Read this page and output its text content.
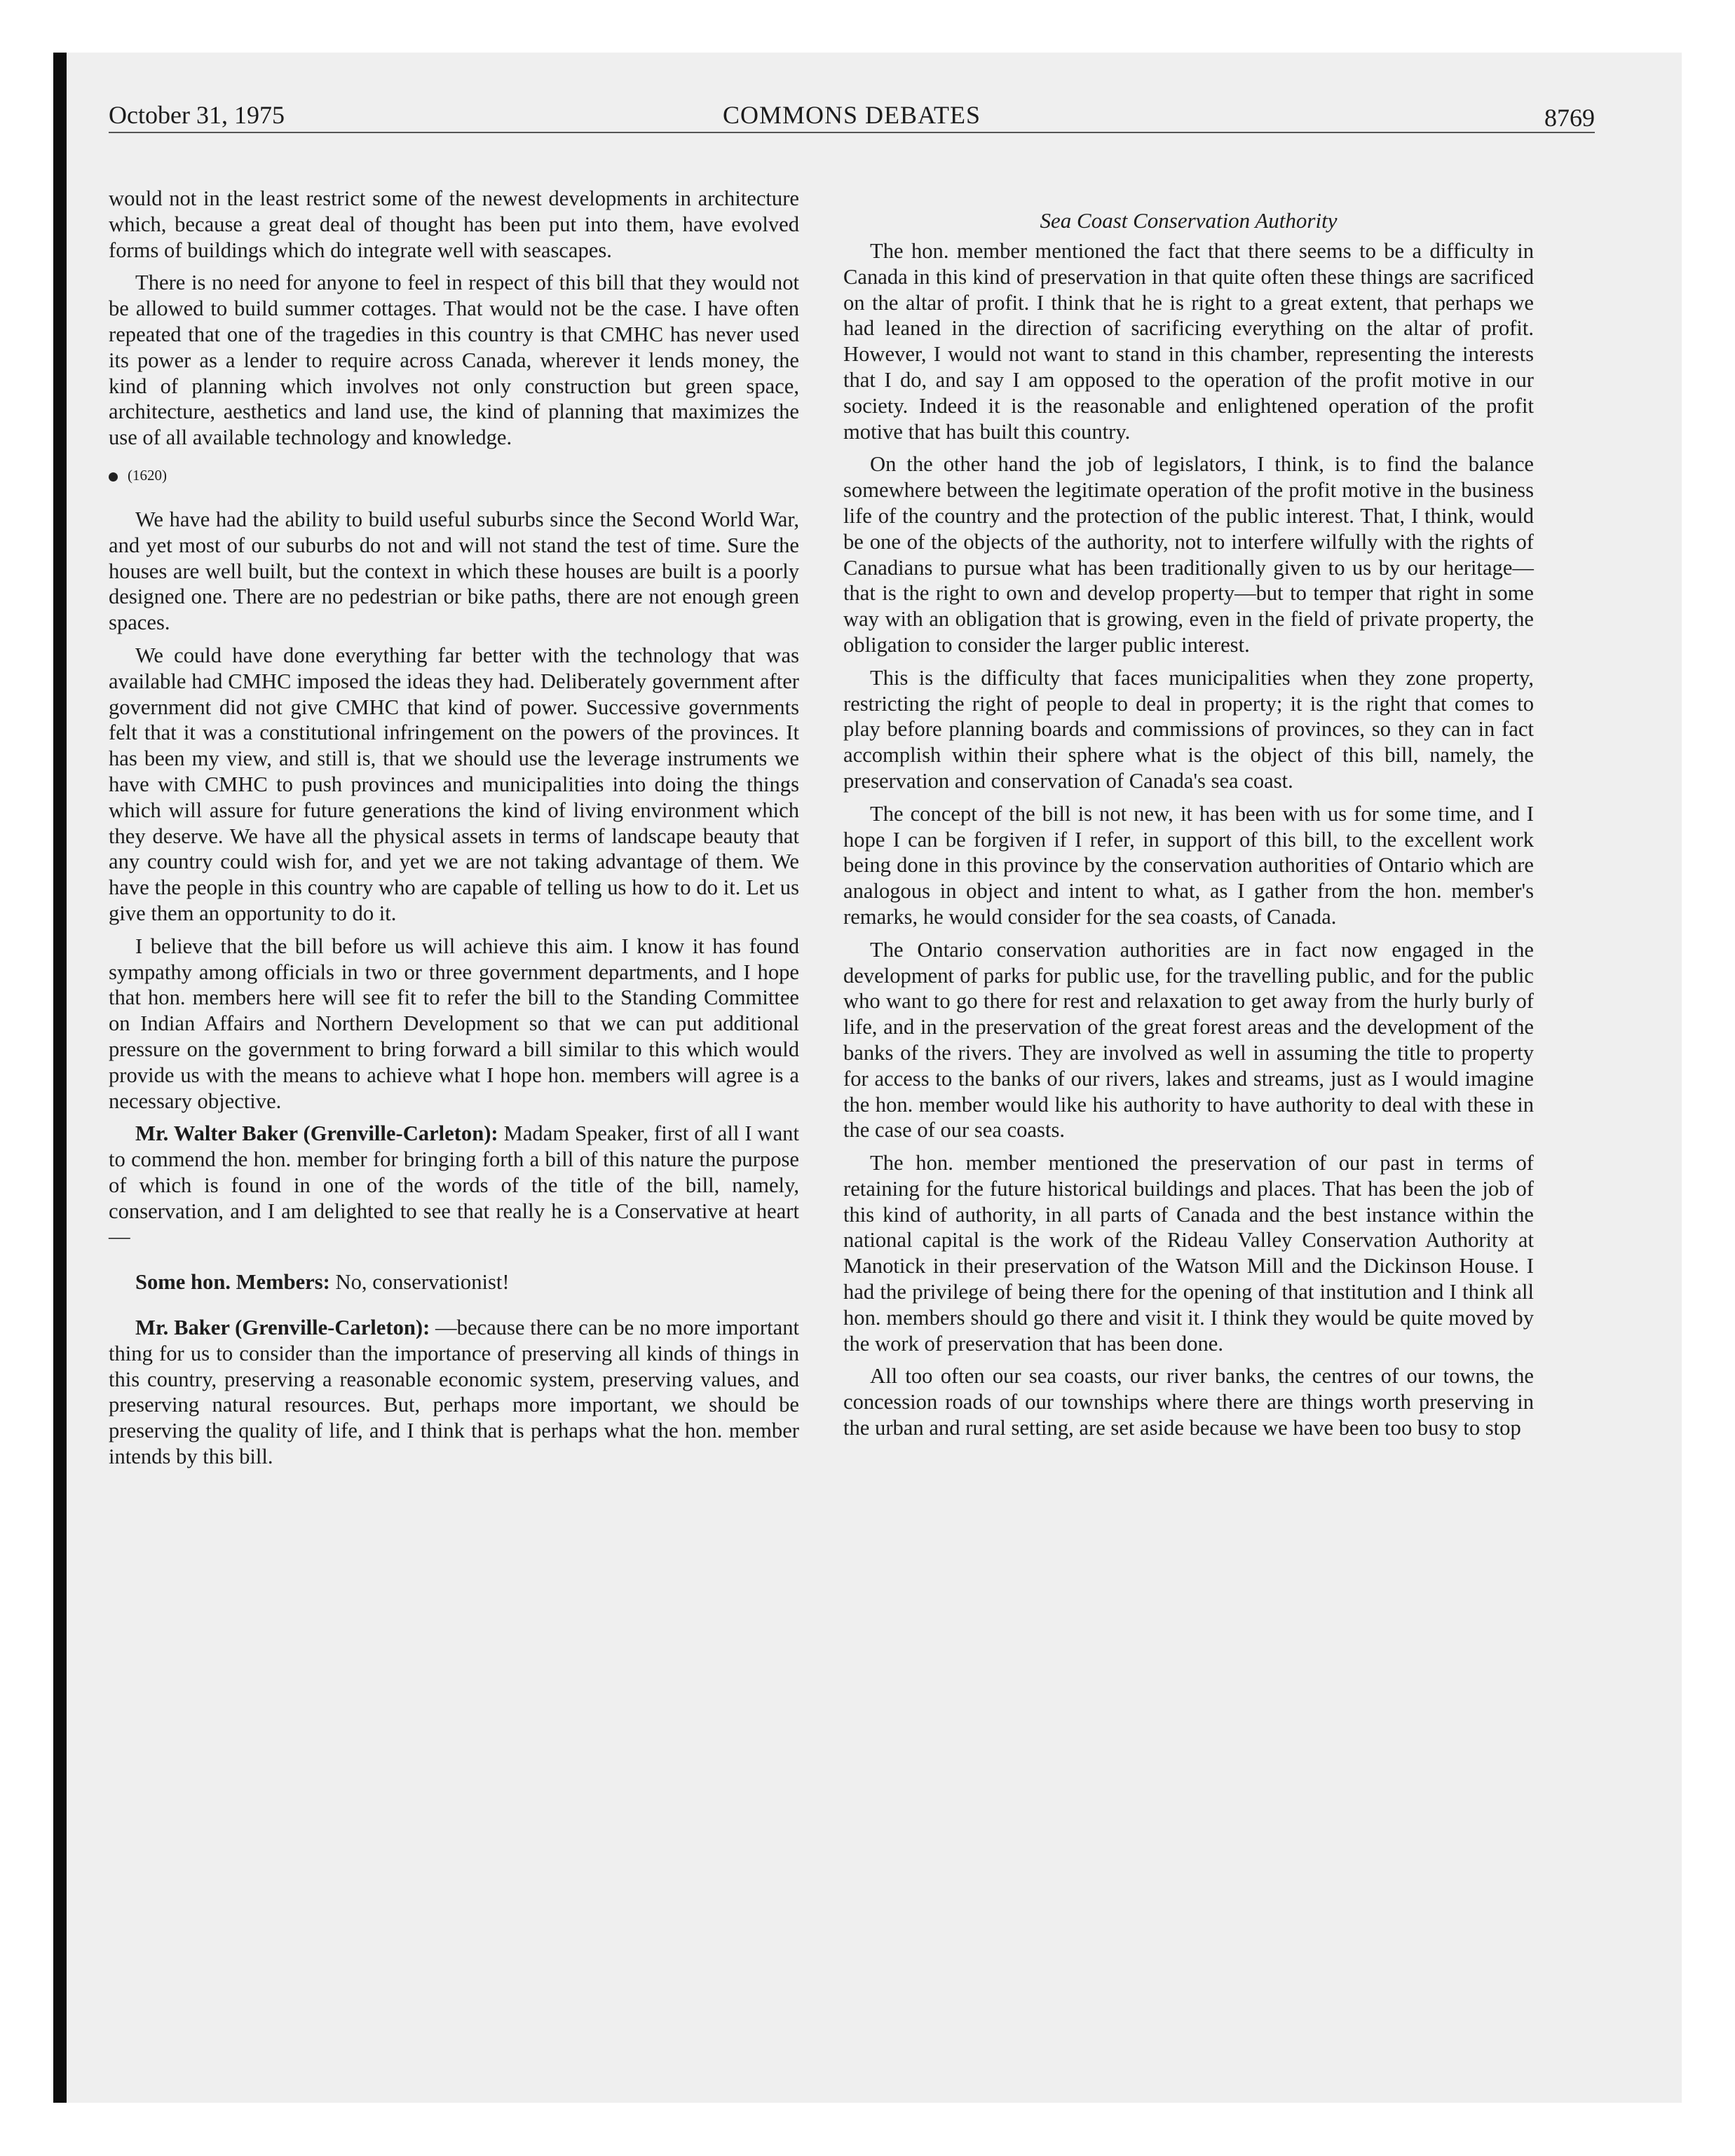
October 31, 1975	COMMONS DEBATES	8769

would not in the least restrict some of the newest developments in architecture which, because a great deal of thought has been put into them, have evolved forms of buildings which do integrate well with seascapes.

There is no need for anyone to feel in respect of this bill that they would not be allowed to build summer cottages. That would not be the case. I have often repeated that one of the tragedies in this country is that CMHC has never used its power as a lender to require across Canada, wherever it lends money, the kind of planning which involves not only construction but green space, architecture, aesthetics and land use, the kind of planning that maximizes the use of all available technology and knowledge.

(1620)

We have had the ability to build useful suburbs since the Second World War, and yet most of our suburbs do not and will not stand the test of time. Sure the houses are well built, but the context in which these houses are built is a poorly designed one. There are no pedestrian or bike paths, there are not enough green spaces.

We could have done everything far better with the technology that was available had CMHC imposed the ideas they had. Deliberately government after government did not give CMHC that kind of power. Successive governments felt that it was a constitutional infringement on the powers of the provinces. It has been my view, and still is, that we should use the leverage instruments we have with CMHC to push provinces and municipalities into doing the things which will assure for future generations the kind of living environment which they deserve. We have all the physical assets in terms of landscape beauty that any country could wish for, and yet we are not taking advantage of them. We have the people in this country who are capable of telling us how to do it. Let us give them an opportunity to do it.

I believe that the bill before us will achieve this aim. I know it has found sympathy among officials in two or three government departments, and I hope that hon. members here will see fit to refer the bill to the Standing Committee on Indian Affairs and Northern Development so that we can put additional pressure on the government to bring forward a bill similar to this which would provide us with the means to achieve what I hope hon. members will agree is a necessary objective.

Mr. Walter Baker (Grenville-Carleton): Madam Speaker, first of all I want to commend the hon. member for bringing forth a bill of this nature the purpose of which is found in one of the words of the title of the bill, namely, conservation, and I am delighted to see that really he is a Conservative at heart—

Some hon. Members: No, conservationist!

Mr. Baker (Grenville-Carleton): —because there can be no more important thing for us to consider than the importance of preserving all kinds of things in this country, preserving a reasonable economic system, preserving values, and preserving natural resources. But, perhaps more important, we should be preserving the quality of life, and I think that is perhaps what the hon. member intends by this bill.

Sea Coast Conservation Authority

The hon. member mentioned the fact that there seems to be a difficulty in Canada in this kind of preservation in that quite often these things are sacrificed on the altar of profit. I think that he is right to a great extent, that perhaps we had leaned in the direction of sacrificing everything on the altar of profit. However, I would not want to stand in this chamber, representing the interests that I do, and say I am opposed to the operation of the profit motive in our society. Indeed it is the reasonable and enlightened operation of the profit motive that has built this country.

On the other hand the job of legislators, I think, is to find the balance somewhere between the legitimate operation of the profit motive in the business life of the country and the protection of the public interest. That, I think, would be one of the objects of the authority, not to interfere wilfully with the rights of Canadians to pursue what has been traditionally given to us by our heritage—that is the right to own and develop property—but to temper that right in some way with an obligation that is growing, even in the field of private property, the obligation to consider the larger public interest.

This is the difficulty that faces municipalities when they zone property, restricting the right of people to deal in property; it is the right that comes to play before planning boards and commissions of provinces, so they can in fact accomplish within their sphere what is the object of this bill, namely, the preservation and conservation of Canada's sea coast.

The concept of the bill is not new, it has been with us for some time, and I hope I can be forgiven if I refer, in support of this bill, to the excellent work being done in this province by the conservation authorities of Ontario which are analogous in object and intent to what, as I gather from the hon. member's remarks, he would consider for the sea coasts, of Canada.

The Ontario conservation authorities are in fact now engaged in the development of parks for public use, for the travelling public, and for the public who want to go there for rest and relaxation to get away from the hurly burly of life, and in the preservation of the great forest areas and the development of the banks of the rivers. They are involved as well in assuming the title to property for access to the banks of our rivers, lakes and streams, just as I would imagine the hon. member would like his authority to have authority to deal with these in the case of our sea coasts.

The hon. member mentioned the preservation of our past in terms of retaining for the future historical buildings and places. That has been the job of this kind of authority, in all parts of Canada and the best instance within the national capital is the work of the Rideau Valley Conservation Authority at Manotick in their preservation of the Watson Mill and the Dickinson House. I had the privilege of being there for the opening of that institution and I think all hon. members should go there and visit it. I think they would be quite moved by the work of preservation that has been done.

All too often our sea coasts, our river banks, the centres of our towns, the concession roads of our townships where there are things worth preserving in the urban and rural setting, are set aside because we have been too busy to stop
